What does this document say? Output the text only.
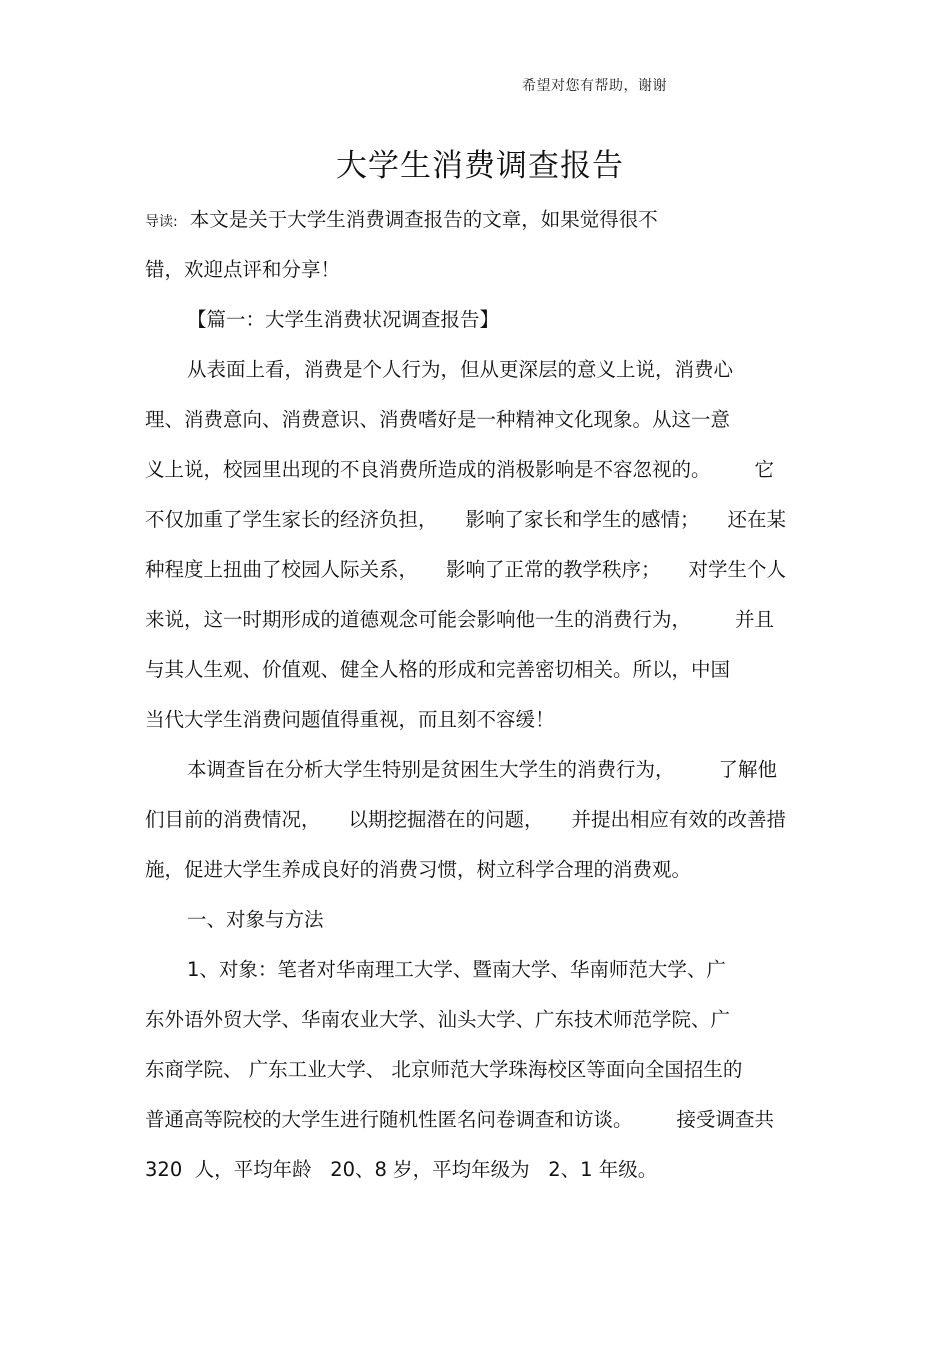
希望对您有帮助，谢谢
大学生消费调查报告
导读: 本文是关于大学生消费调查报告的文章，如果觉得很不
错，欢迎点评和分享！
【篇一：大学生消费状况调查报告】
从表面上看，消费是个人行为，但从更深层的意义上说，消费心
理、消费意向、消费意识、消费嗜好是一种精神文化现象。从这一意
义上说，校园里出现的不良消费所造成的消极影响是不容忽视的。 它
不仅加重了学生家长的经济负担， 影响了家长和学生的感情； 还在某
种程度上扭曲了校园人际关系， 影响了正常的教学秩序； 对学生个人
来说，这一时期形成的道德观念可能会影响他一生的消费行为， 并且
与其人生观、价值观、健全人格的形成和完善密切相关。所以，中国
当代大学生消费问题值得重视，而且刻不容缓！
本调查旨在分析大学生特别是贫困生大学生的消费行为， 了解他
们目前的消费情况， 以期挖掘潜在的问题， 并提出相应有效的改善措
施，促进大学生养成良好的消费习惯，树立科学合理的消费观。
一、对象与方法
1、对象：笔者对华南理工大学、暨南大学、华南师范大学、广
东外语外贸大学、华南农业大学、汕头大学、广东技术师范学院、广
东商学院、 广东工业大学、 北京师范大学珠海校区等面向全国招生的
普通高等院校的大学生进行随机性匿名问卷调查和访谈。 接受调查共
320  人，平均年龄   20、8 岁，平均年级为   2、1 年级。
